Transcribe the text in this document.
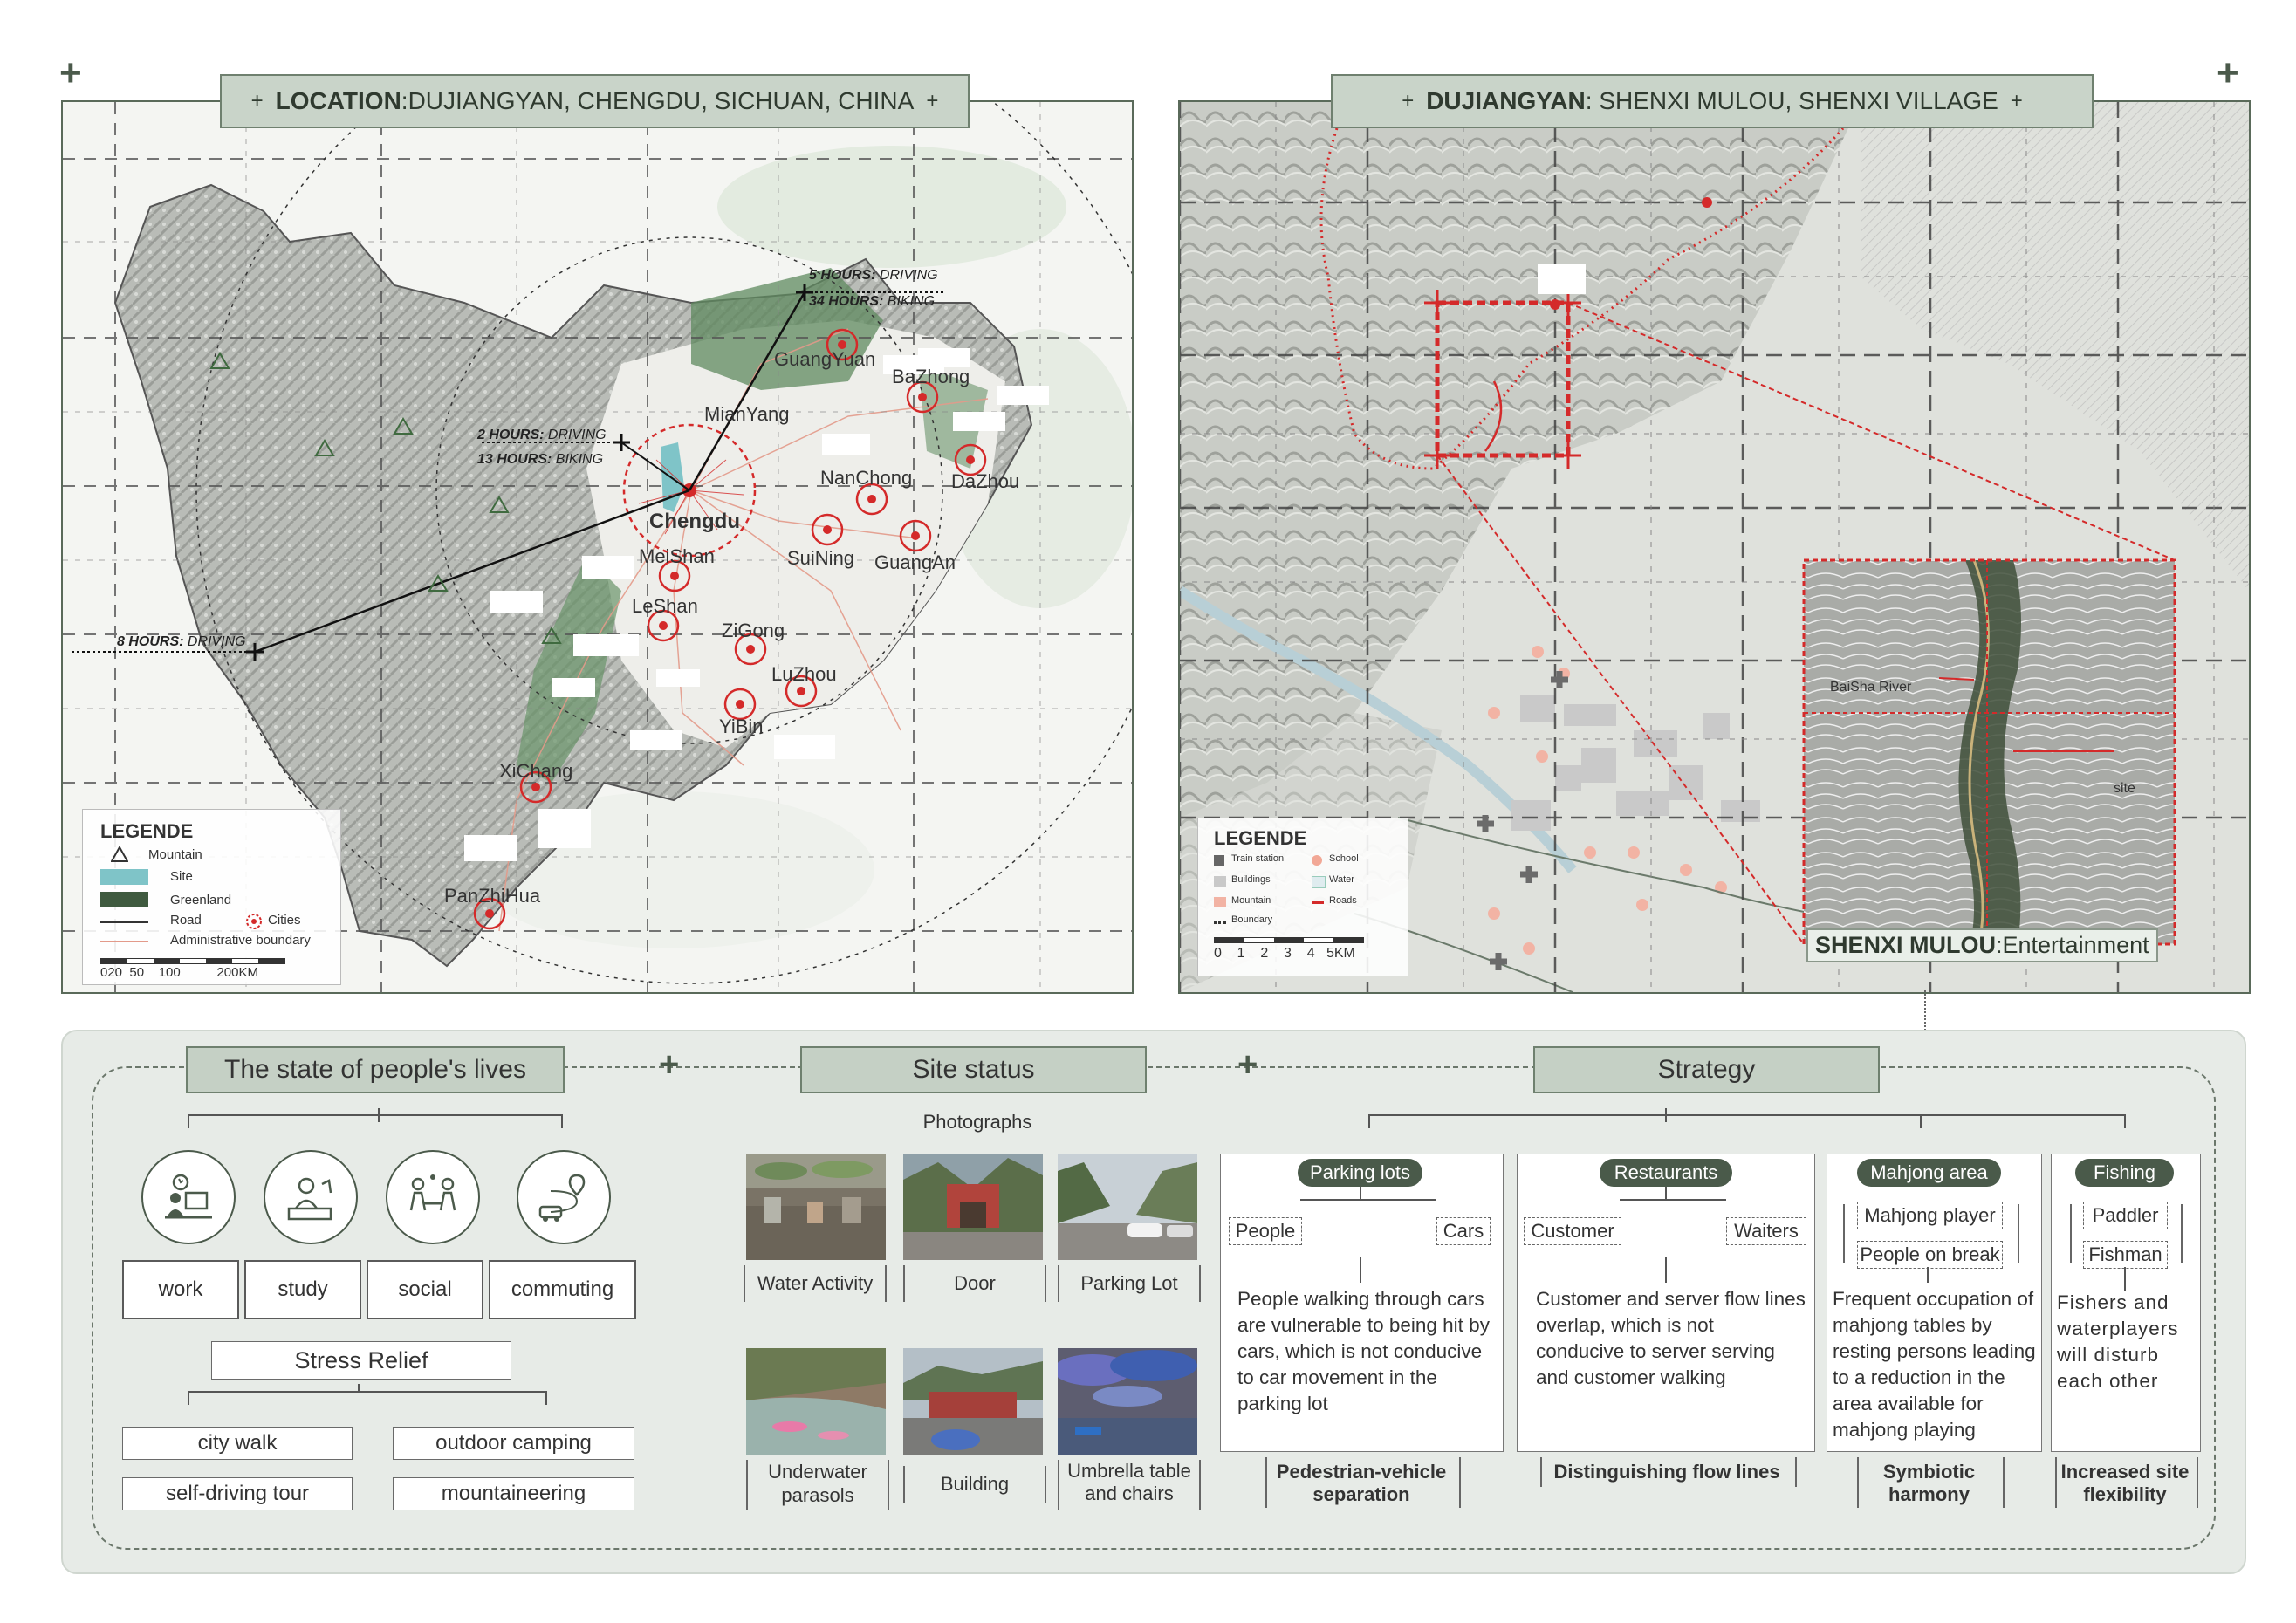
+	+
GuangYuan
BaZhong
MianYang
NanChong DaZhou
Chengdu
SuiNing GuangAn
MeiShan
LeShan
ZiGong
LuZhou
YiBin
XiChang
PanZhiHua
5 HOURS: DRIVING
34 HOURS: BIKING
2 HOURS: DRIVING
13 HOURS: BIKING
8 HOURS: DRIVING
LEGENDE
Mountain
Site
Greenland
Road	Cities
Administrative boundary
020  50    100          200KM
+ LOCATION:DUJIANGYAN, CHENGDU, SICHUAN, CHINA +
BaiSha River
site
SHENXI MULOU:Entertainment
LEGENDE
Train station	School
Buildings	Water
Mountain	Roads
Boundary
0    1    2    3    4   5KM
+ DUJIANGYAN: SHENXI MULOU, SHENXI VILLAGE +
The state of people's lives	+	Site status	+	Strategy
work	study	social	commuting
Stress Relief
city walk	outdoor camping
self-driving tour	mountaineering
Photographs
Water Activity	Door	Parking Lot
Underwater parasols
Building
Umbrella table and chairs
Parking lots
People	Cars
People walking through cars are vulnerable to being hit by cars, which is not conducive to car movement in the parking lot
Pedestrian-vehicle separation
Restaurants
Customer	Waiters
Customer and server flow lines overlap, which is not conducive to server serving and customer walking
Distinguishing flow lines
Mahjong area
Mahjong player
People on break
Frequent occupation of mahjong tables by resting persons leading to a reduction in the area available for mahjong playing
Symbiotic harmony
Fishing
Paddler
Fishman
Fishers and waterplayers will disturb each other
Increased site flexibility
